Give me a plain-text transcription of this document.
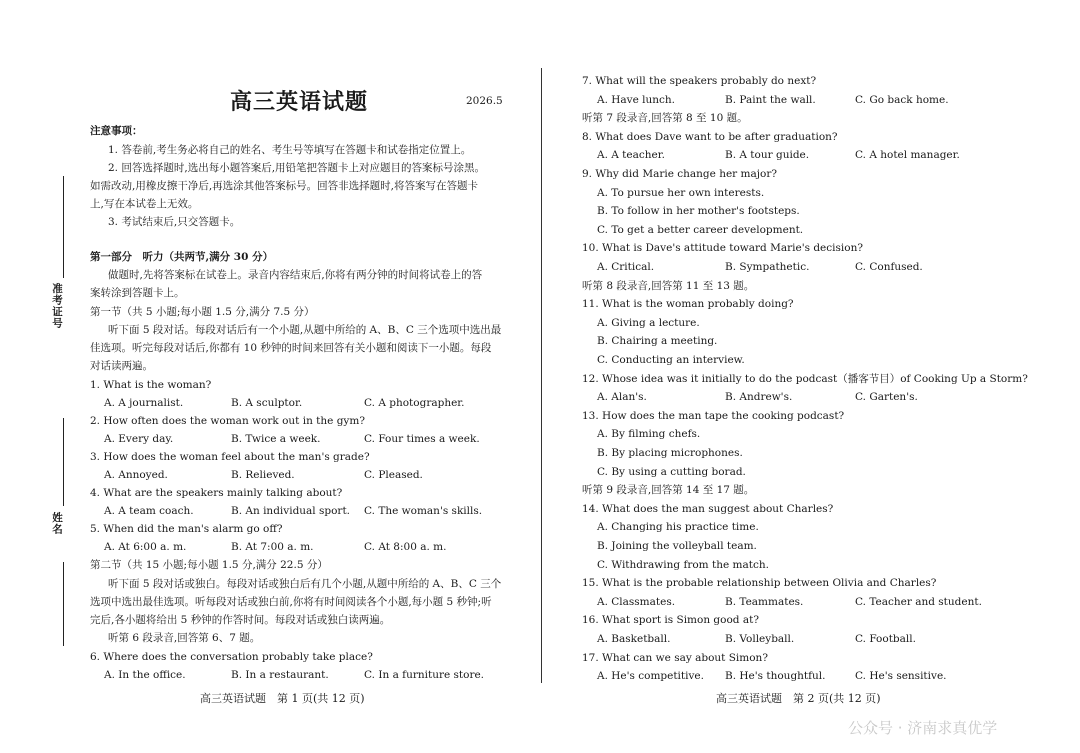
高三英语试题	2026.5
注意事项：
1. 答卷前,考生务必将自己的姓名、考生号等填写在答题卡和试卷指定位置上。
2. 回答选择题时,选出每小题答案后,用铅笔把答题卡上对应题目的答案标号涂黑。
如需改动,用橡皮擦干净后,再选涂其他答案标号。回答非选择题时,将答案写在答题卡
上,写在本试卷上无效。
3. 考试结束后,只交答题卡。
第一部分　听力（共两节,满分 30 分）
做题时,先将答案标在试卷上。录音内容结束后,你将有两分钟的时间将试卷上的答
案转涂到答题卡上。
第一节（共 5 小题;每小题 1.5 分,满分 7.5 分）
听下面 5 段对话。每段对话后有一个小题,从题中所给的 A、B、C 三个选项中选出最
佳选项。听完每段对话后,你都有 10 秒钟的时间来回答有关小题和阅读下一小题。每段
对话读两遍。
1. What is the woman?
A. A journalist.	B. A sculptor.	C. A photographer.
2. How often does the woman work out in the gym?
A. Every day.	B. Twice a week.	C. Four times a week.
3. How does the woman feel about the man's grade?
A. Annoyed.	B. Relieved.	C. Pleased.
4. What are the speakers mainly talking about?
A. A team coach.	B. An individual sport. C. The woman's skills.
5. When did the man's alarm go off?
A. At 6:00 a. m.	B. At 7:00 a. m.	C. At 8:00 a. m.
第二节（共 15 小题;每小题 1.5 分,满分 22.5 分）
听下面 5 段对话或独白。每段对话或独白后有几个小题,从题中所给的 A、B、C 三个
选项中选出最佳选项。听每段对话或独白前,你将有时间阅读各个小题,每小题 5 秒钟;听
完后,各小题将给出 5 秒钟的作答时间。每段对话或独白读两遍。
听第 6 段录音,回答第 6、7 题。
6. Where does the conversation probably take place?
A. In the office.	B. In a restaurant.	C. In a furniture store.
高三英语试题　第 1 页(共 12 页)
准考证号
姓名
7. What will the speakers probably do next?
A. Have lunch.	B. Paint the wall.	C. Go back home.
听第 7 段录音,回答第 8 至 10 题。
8. What does Dave want to be after graduation?
A. A teacher.	B. A tour guide.	C. A hotel manager.
9. Why did Marie change her major?
A. To pursue her own interests.
B. To follow in her mother's footsteps.
C. To get a better career development.
10. What is Dave's attitude toward Marie's decision?
A. Critical.	B. Sympathetic.	C. Confused.
听第 8 段录音,回答第 11 至 13 题。
11. What is the woman probably doing?
A. Giving a lecture.
B. Chairing a meeting.
C. Conducting an interview.
12. Whose idea was it initially to do the podcast（播客节目）of Cooking Up a Storm?
A. Alan's.	B. Andrew's.	C. Garten's.
13. How does the man tape the cooking podcast?
A. By filming chefs.
B. By placing microphones.
C. By using a cutting borad.
听第 9 段录音,回答第 14 至 17 题。
14. What does the man suggest about Charles?
A. Changing his practice time.
B. Joining the volleyball team.
C. Withdrawing from the match.
15. What is the probable relationship between Olivia and Charles?
A. Classmates.	B. Teammates.	C. Teacher and student.
16. What sport is Simon good at?
A. Basketball.	B. Volleyball.	C. Football.
17. What can we say about Simon?
A. He's competitive. B. He's thoughtful.	C. He's sensitive.
高三英语试题　第 2 页(共 12 页)
公众号 · 济南求真优学
